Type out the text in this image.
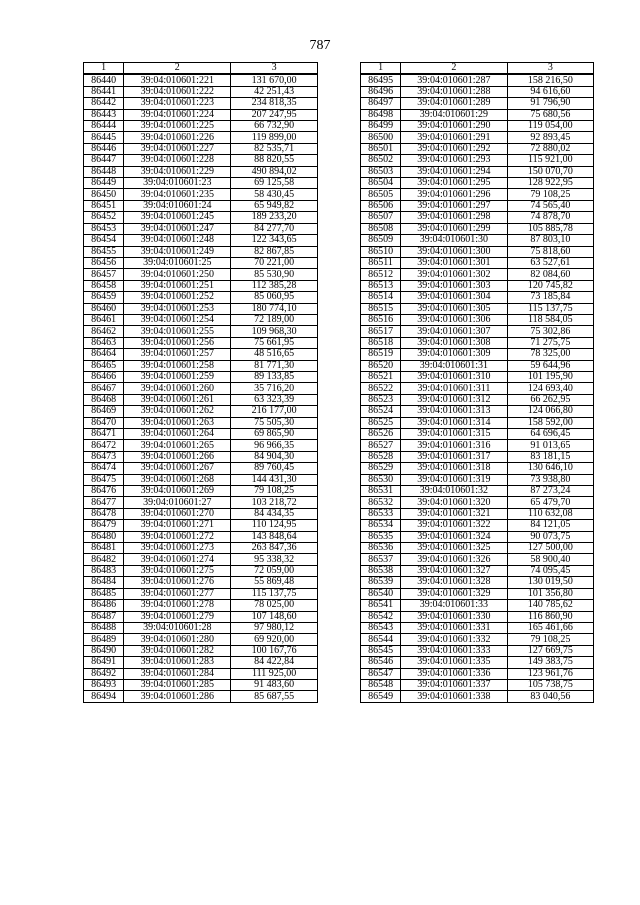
787
1	2	3
86440	39:04:010601:221	131 670,00
86441	39:04:010601:222	42 251,43
86442	39:04:010601:223	234 818,35
86443	39:04:010601:224	207 247,95
86444	39:04:010601:225	66 732,90
86445	39:04:010601:226	119 899,00
86446	39:04:010601:227	82 535,71
86447	39:04:010601:228	88 820,55
86448	39:04:010601:229	490 894,02
86449	39:04:010601:23	69 125,58
86450	39:04:010601:235	58 430,45
86451	39:04:010601:24	65 949,82
86452	39:04:010601:245	189 233,20
86453	39:04:010601:247	84 277,70
86454	39:04:010601:248	122 343,65
86455	39:04:010601:249	82 867,85
86456	39:04:010601:25	70 221,00
86457	39:04:010601:250	85 530,90
86458	39:04:010601:251	112 385,28
86459	39:04:010601:252	85 060,95
86460	39:04:010601:253	180 774,10
86461	39:04:010601:254	72 189,00
86462	39:04:010601:255	109 968,30
86463	39:04:010601:256	75 661,95
86464	39:04:010601:257	48 516,65
86465	39:04:010601:258	81 771,30
86466	39:04:010601:259	89 133,85
86467	39:04:010601:260	35 716,20
86468	39:04:010601:261	63 323,39
86469	39:04:010601:262	216 177,00
86470	39:04:010601:263	75 505,30
86471	39:04:010601:264	69 865,90
86472	39:04:010601:265	96 966,35
86473	39:04:010601:266	84 904,30
86474	39:04:010601:267	89 760,45
86475	39:04:010601:268	144 431,30
86476	39:04:010601:269	79 108,25
86477	39:04:010601:27	103 218,72
86478	39:04:010601:270	84 434,35
86479	39:04:010601:271	110 124,95
86480	39:04:010601:272	143 848,64
86481	39:04:010601:273	263 847,36
86482	39:04:010601:274	95 338,32
86483	39:04:010601:275	72 059,00
86484	39:04:010601:276	55 869,48
86485	39:04:010601:277	115 137,75
86486	39:04:010601:278	78 025,00
86487	39:04:010601:279	107 148,60
86488	39:04:010601:28	97 980,12
86489	39:04:010601:280	69 920,00
86490	39:04:010601:282	100 167,76
86491	39:04:010601:283	84 422,84
86492	39:04:010601:284	111 925,00
86493	39:04:010601:285	91 483,60
86494	39:04:010601:286	85 687,55
1	2	3
86495	39:04:010601:287	158 216,50
86496	39:04:010601:288	94 616,60
86497	39:04:010601:289	91 796,90
86498	39:04:010601:29	75 680,56
86499	39:04:010601:290	119 054,00
86500	39:04:010601:291	92 893,45
86501	39:04:010601:292	72 880,02
86502	39:04:010601:293	115 921,00
86503	39:04:010601:294	150 070,70
86504	39:04:010601:295	128 922,95
86505	39:04:010601:296	79 108,25
86506	39:04:010601:297	74 565,40
86507	39:04:010601:298	74 878,70
86508	39:04:010601:299	105 885,78
86509	39:04:010601:30	87 803,10
86510	39:04:010601:300	75 818,60
86511	39:04:010601:301	63 527,61
86512	39:04:010601:302	82 084,60
86513	39:04:010601:303	120 745,82
86514	39:04:010601:304	73 185,84
86515	39:04:010601:305	115 137,75
86516	39:04:010601:306	118 584,05
86517	39:04:010601:307	75 302,86
86518	39:04:010601:308	71 275,75
86519	39:04:010601:309	78 325,00
86520	39:04:010601:31	59 644,96
86521	39:04:010601:310	101 195,90
86522	39:04:010601:311	124 693,40
86523	39:04:010601:312	66 262,95
86524	39:04:010601:313	124 066,80
86525	39:04:010601:314	158 592,00
86526	39:04:010601:315	64 696,45
86527	39:04:010601:316	91 013,65
86528	39:04:010601:317	83 181,15
86529	39:04:010601:318	130 646,10
86530	39:04:010601:319	73 938,80
86531	39:04:010601:32	87 273,24
86532	39:04:010601:320	65 479,70
86533	39:04:010601:321	110 632,08
86534	39:04:010601:322	84 121,05
86535	39:04:010601:324	90 073,75
86536	39:04:010601:325	127 500,00
86537	39:04:010601:326	58 900,40
86538	39:04:010601:327	74 095,45
86539	39:04:010601:328	130 019,50
86540	39:04:010601:329	101 356,80
86541	39:04:010601:33	140 785,62
86542	39:04:010601:330	116 860,90
86543	39:04:010601:331	165 461,66
86544	39:04:010601:332	79 108,25
86545	39:04:010601:333	127 669,75
86546	39:04:010601:335	149 383,75
86547	39:04:010601:336	123 961,76
86548	39:04:010601:337	105 738,75
86549	39:04:010601:338	83 040,56
